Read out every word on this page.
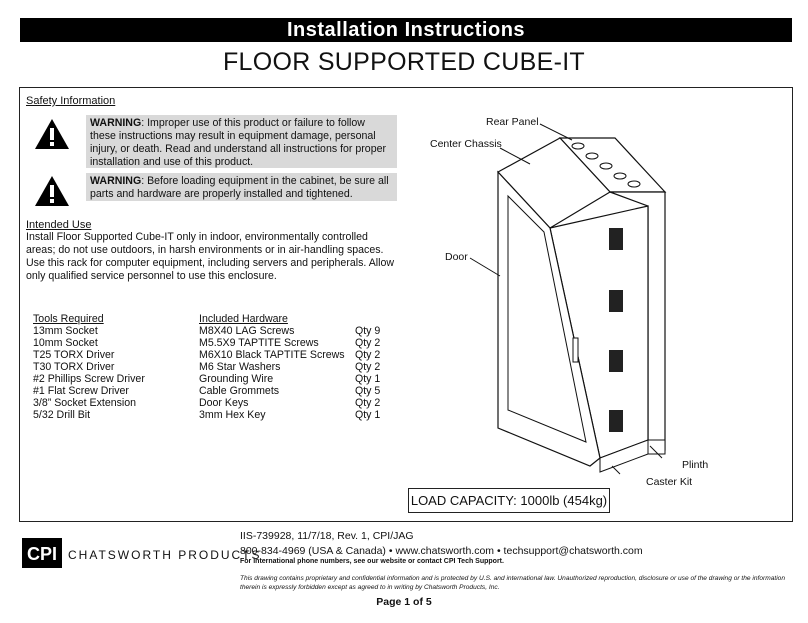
Installation Instructions
FLOOR SUPPORTED CUBE-IT
Safety Information
WARNING: Improper use of this product or failure to follow these instructions may result in equipment damage, personal injury, or death. Read and understand all instructions for proper installation and use of this product.
WARNING: Before loading equipment in the cabinet, be sure all parts and hardware are properly installed and tightened.
Intended Use
Install Floor Supported Cube-IT only in indoor, environmentally controlled areas; do not use outdoors, in harsh environments or in air-handling spaces. Use this rack for computer equipment, including servers and peripherals. Allow only qualified service personnel to use this enclosure.
Tools Required
13mm Socket
10mm Socket
T25 TORX Driver
T30 TORX Driver
#2 Phillips Screw Driver
#1 Flat Screw Driver
3/8” Socket Extension
5/32 Drill Bit
Included Hardware
M8X40 LAG Screws
M5.5X9 TAPTITE Screws
M6X10 Black TAPTITE Screws
M6 Star Washers
Grounding Wire
Cable Grommets
Door Keys
3mm Hex Key
Qty 9
Qty 2
Qty 2
Qty 2
Qty 1
Qty 5
Qty 2
Qty 1
Rear Panel
Center Chassis
Door
Plinth
Caster Kit
LOAD CAPACITY: 1000lb (454kg)
CPI CHATSWORTH PRODUCTS
IIS-739928, 11/7/18, Rev. 1, CPI/JAG
800-834-4969 (USA & Canada) • www.chatsworth.com • techsupport@chatsworth.com
For international phone numbers, see our website or contact CPI Tech Support.
This drawing contains proprietary and confidential information and is protected by U.S. and international law. Unauthorized reproduction, disclosure or use of the drawing or the information therein is expressly forbidden except as agreed to in writing by Chatsworth Products, Inc.
Page 1 of 5
